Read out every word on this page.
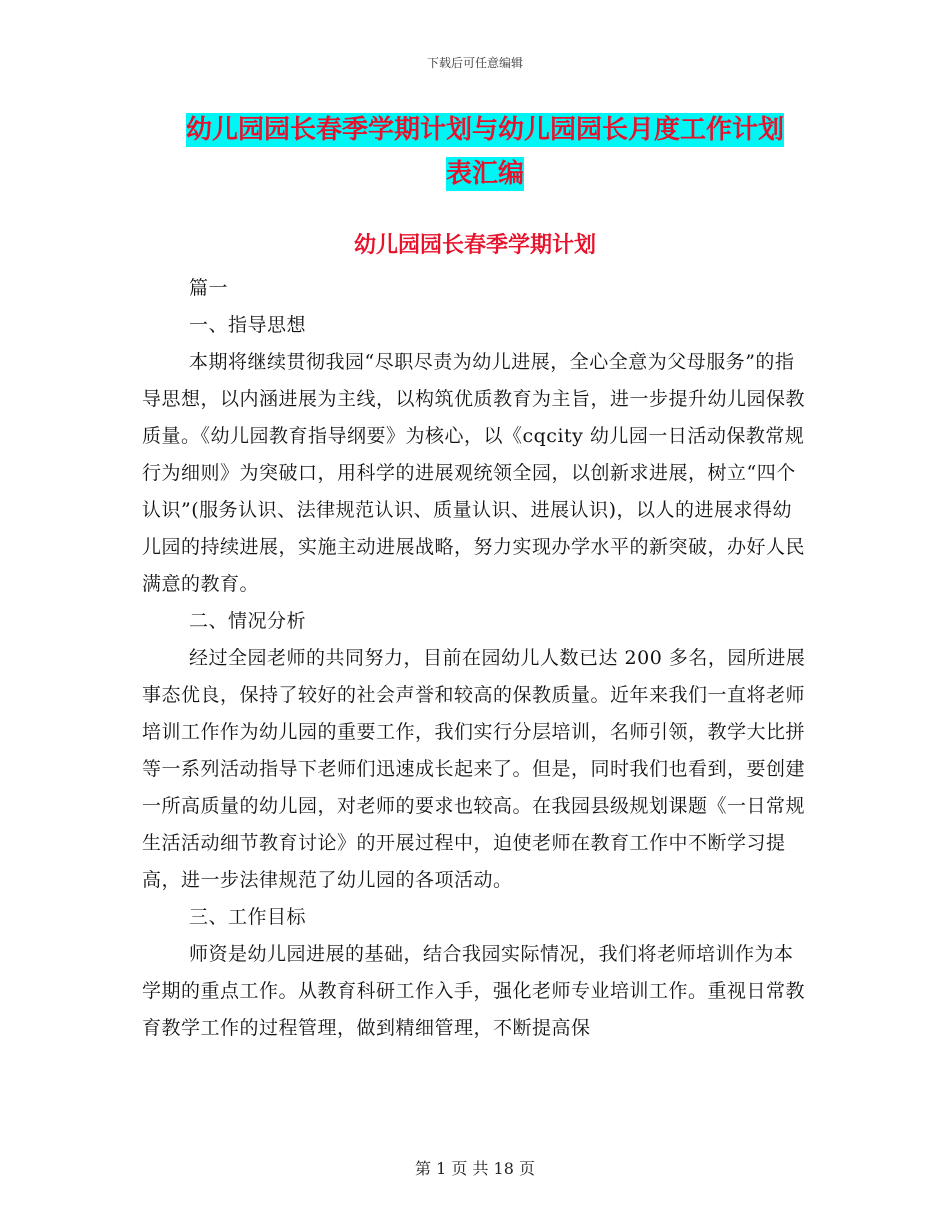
下载后可任意编辑
幼儿园园长春季学期计划与幼儿园园长月度工作计划
表汇编
幼儿园园长春季学期计划

篇一

一、指导思想

本期将继续贯彻我园“尽职尽责为幼儿进展，全心全意为父母服务”的指导思想，以内涵进展为主线，以构筑优质教育为主旨，进一步提升幼儿园保教质量。《幼儿园教育指导纲要》为核心，以《cqcity 幼儿园一日活动保教常规行为细则》为突破口，用科学的进展观统领全园，以创新求进展，树立“四个认识”(服务认识、法律规范认识、质量认识、进展认识)，以人的进展求得幼儿园的持续进展，实施主动进展战略，努力实现办学水平的新突破，办好人民满意的教育。

二、情况分析

经过全园老师的共同努力，目前在园幼儿人数已达 200 多名，园所进展事态优良，保持了较好的社会声誉和较高的保教质量。近年来我们一直将老师培训工作作为幼儿园的重要工作，我们实行分层培训，名师引领，教学大比拼等一系列活动指导下老师们迅速成长起来了。但是，同时我们也看到，要创建一所高质量的幼儿园，对老师的要求也较高。在我园县级规划课题《一日常规生活活动细节教育讨论》的开展过程中，迫使老师在教育工作中不断学习提高，进一步法律规范了幼儿园的各项活动。

三、工作目标

师资是幼儿园进展的基础，结合我园实际情况，我们将老师培训作为本学期的重点工作。从教育科研工作入手，强化老师专业培训工作。重视日常教育教学工作的过程管理，做到精细管理，不断提高保

第 1 页 共 18 页
